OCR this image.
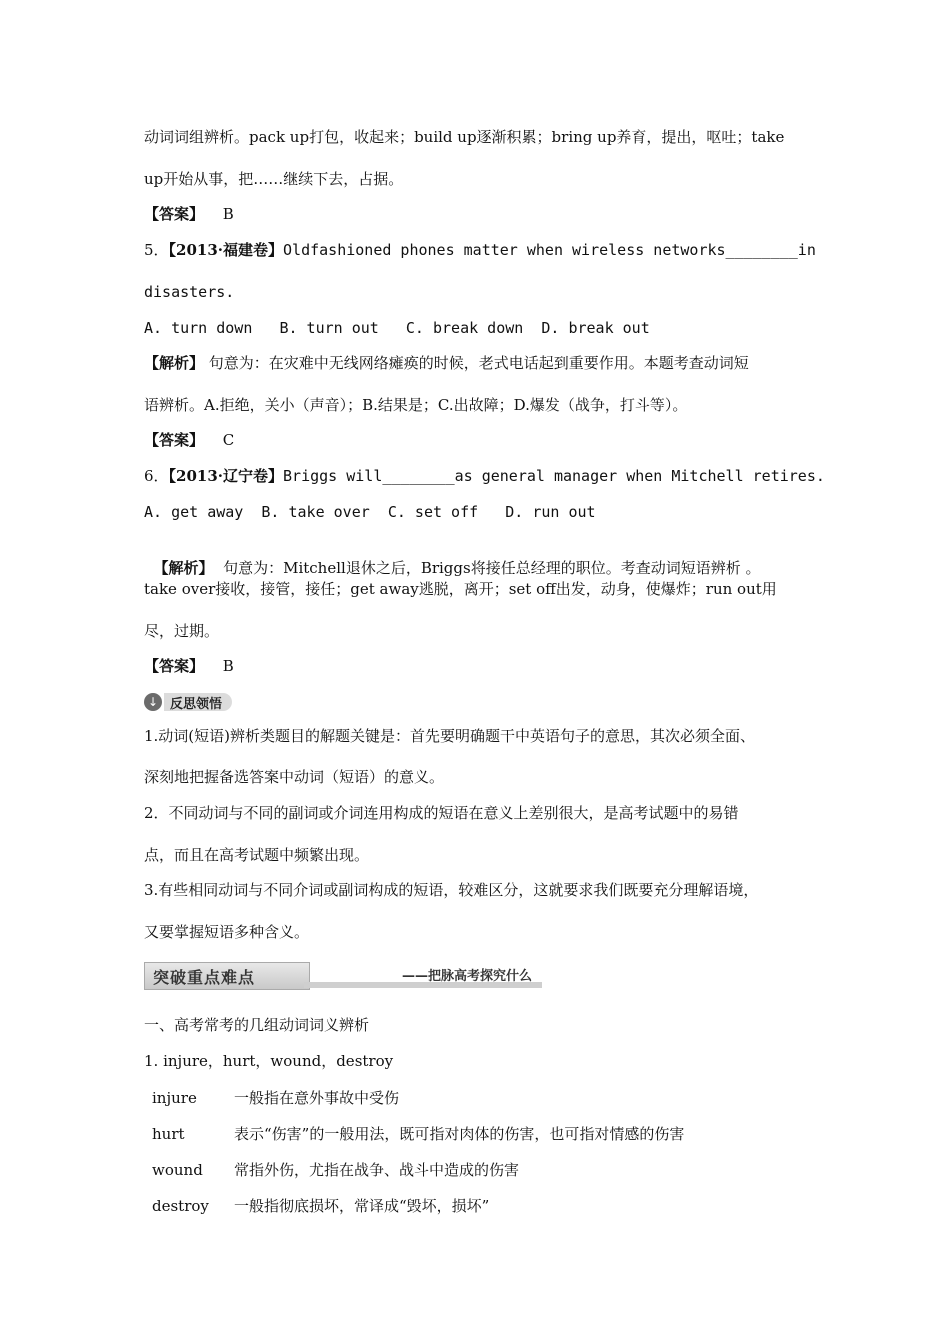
动词词组辨析。pack up打包，收起来；build up逐渐积累；bring up养育，提出，呕吐；take
up开始从事，把……继续下去，占据。
【答案】 B
5．【2013·福建卷】Oldfashioned phones matter when wireless networks________in
disasters.
A. turn down   B. turn out   C. break down  D. break out
【解析】 句意为：在灾难中无线网络瘫痪的时候，老式电话起到重要作用。本题考查动词短
语辨析。A.拒绝，关小（声音）；B.结果是；C.出故障；D.爆发（战争，打斗等）。
【答案】 C
6．【2013·辽宁卷】Briggs will________as general manager when Mitchell retires.
A. get away  B. take over  C. set off   D. run out

【解析】  句意为：Mitchell退休之后，Briggs将接任总经理的职位。考查动词短语辨析 。

take over接收，接管，接任；get away逃脱，离开；set off出发，动身，使爆炸；run out用
尽，过期。
【答案】 B
↓ 反思领悟
1.动词(短语)辨析类题目的解题关键是：首先要明确题干中英语句子的意思，其次必须全面、
深刻地把握备选答案中动词（短语）的意义。
2．不同动词与不同的副词或介词连用构成的短语在意义上差别很大，是高考试题中的易错
点，而且在高考试题中频繁出现。
3.有些相同动词与不同介词或副词构成的短语，较难区分，这就要求我们既要充分理解语境，
又要掌握短语多种含义。
突破重点难点	——把脉高考探究什么
一、高考常考的几组动词词义辨析
1. injure，hurt，wound，destroy
injure 一般指在意外事故中受伤
hurt	表示“伤害”的一般用法，既可指对肉体的伤害，也可指对情感的伤害
wound 常指外伤，尤指在战争、战斗中造成的伤害
destroy 一般指彻底损坏，常译成“毁坏，损坏”
